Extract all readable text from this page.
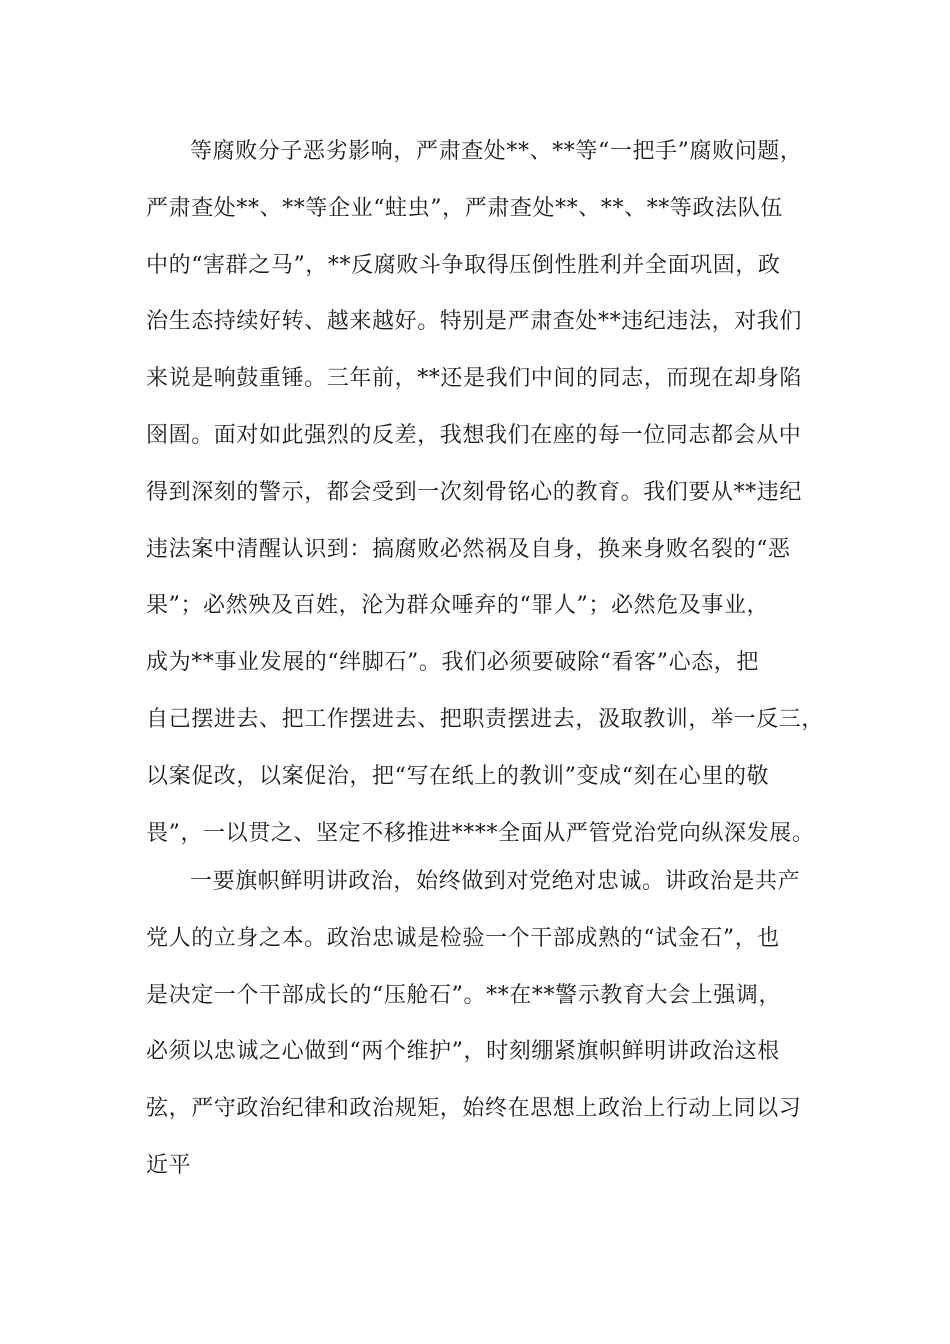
等腐败分子恶劣影响，严肃查处**、**等“一把手”腐败问题，
严肃查处**、**等企业“蛀虫”，严肃查处**、**、**等政法队伍
中的“害群之马”，**反腐败斗争取得压倒性胜利并全面巩固，政
治生态持续好转、越来越好。特别是严肃查处**违纪违法，对我们
来说是响鼓重锤。三年前，**还是我们中间的同志，而现在却身陷
囹圄。面对如此强烈的反差，我想我们在座的每一位同志都会从中
得到深刻的警示，都会受到一次刻骨铭心的教育。我们要从**违纪
违法案中清醒认识到：搞腐败必然祸及自身，换来身败名裂的“恶
果”；必然殃及百姓，沦为群众唾弃的“罪人”；必然危及事业，
成为**事业发展的“绊脚石”。我们必须要破除“看客”心态，把
自己摆进去、把工作摆进去、把职责摆进去，汲取教训，举一反三，
以案促改，以案促治，把“写在纸上的教训”变成“刻在心里的敬
畏”，一以贯之、坚定不移推进****全面从严管党治党向纵深发展。
一要旗帜鲜明讲政治，始终做到对党绝对忠诚。讲政治是共产
党人的立身之本。政治忠诚是检验一个干部成熟的“试金石”，也
是决定一个干部成长的“压舱石”。**在**警示教育大会上强调，
必须以忠诚之心做到“两个维护”，时刻绷紧旗帜鲜明讲政治这根
弦，严守政治纪律和政治规矩，始终在思想上政治上行动上同以习
近平
